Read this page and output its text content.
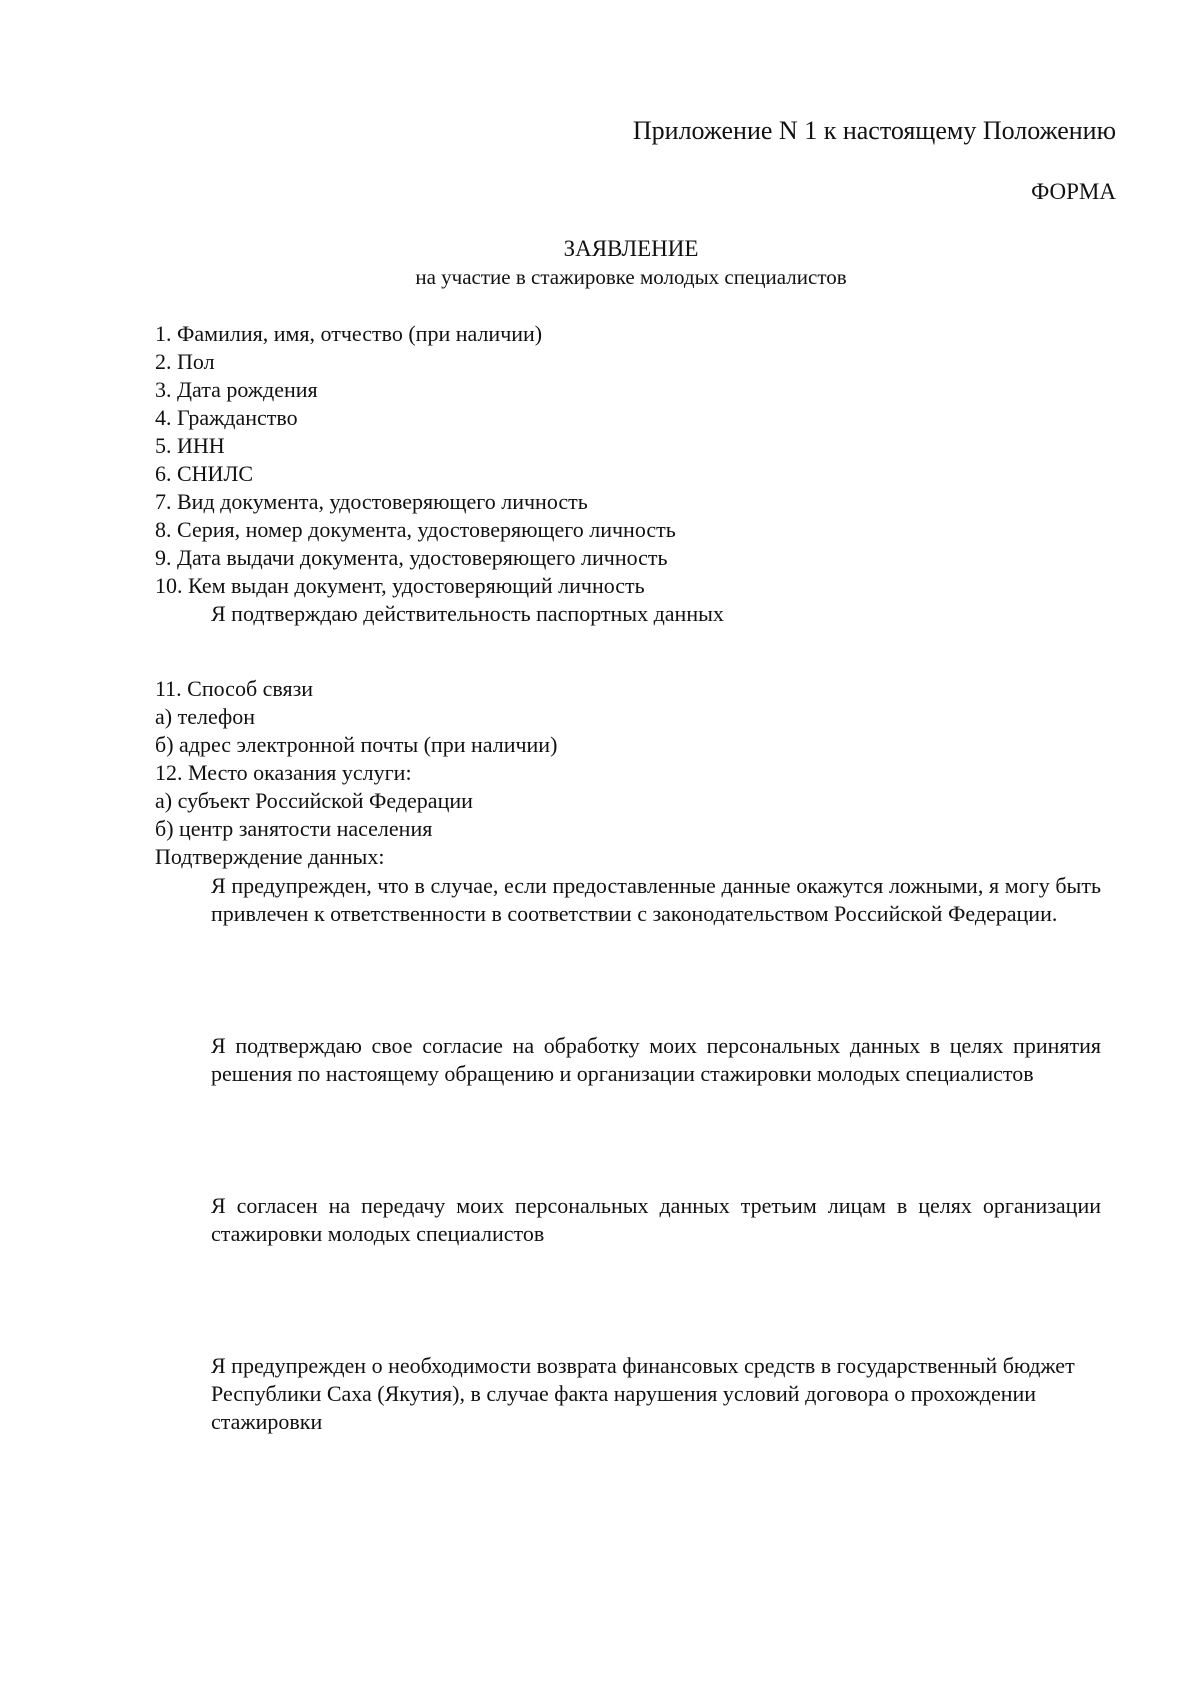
Приложение N 1 к настоящему Положению
ФОРМА
ЗАЯВЛЕНИЕ
на участие в стажировке молодых специалистов
1. Фамилия, имя, отчество (при наличии)
2. Пол
3. Дата рождения
4. Гражданство
5. ИНН
6. СНИЛС
7. Вид документа, удостоверяющего личность
8. Серия, номер документа, удостоверяющего личность
9. Дата выдачи документа, удостоверяющего личность
10. Кем выдан документ, удостоверяющий личность
Я подтверждаю действительность паспортных данных
11. Способ связи
а) телефон
б) адрес электронной почты (при наличии)
12. Место оказания услуги:
а) субъект Российской Федерации
б) центр занятости населения
Подтверждение данных:
Я предупрежден, что в случае, если предоставленные данные окажутся ложными, я могу быть привлечен к ответственности в соответствии с законодательством Российской Федерации.
Я подтверждаю свое согласие на обработку моих персональных данных в целях принятия решения по настоящему обращению и организации стажировки молодых специалистов
Я согласен на передачу моих персональных данных третьим лицам в целях организации стажировки молодых специалистов
Я предупрежден о необходимости возврата финансовых средств в государственный бюджет Республики Саха (Якутия), в случае факта нарушения условий договора о прохождении стажировки
